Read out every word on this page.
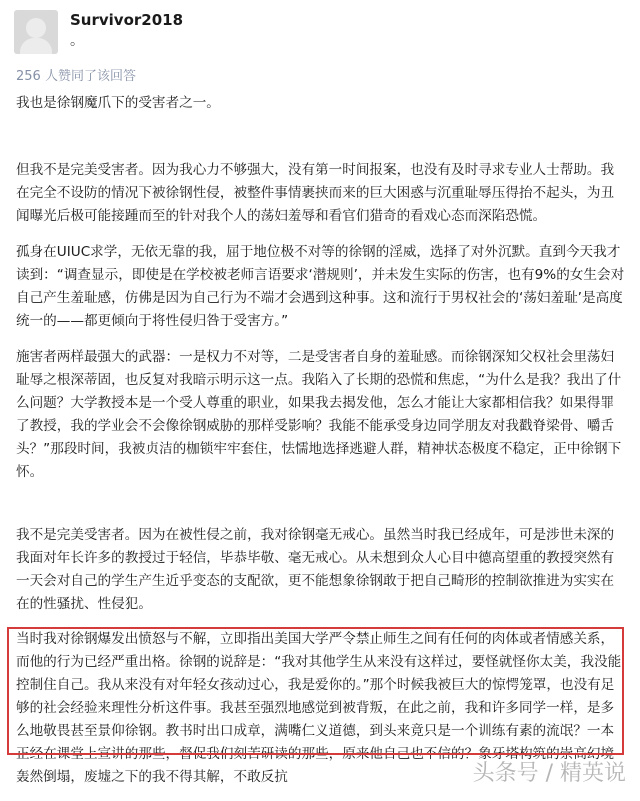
Survivor2018
。
256 人赞同了该回答

我也是徐钢魔爪下的受害者之一。

但我不是完美受害者。因为我心力不够强大，没有第一时间报案，也没有及时寻求专业人士帮助。我在完全不设防的情况下被徐钢性侵，被整件事情裹挟而来的巨大困惑与沉重耻辱压得抬不起头，为丑闻曝光后极可能接踵而至的针对我个人的荡妇羞辱和看官们猎奇的看戏心态而深陷恐慌。

孤身在UIUC求学，无依无靠的我，屈于地位极不对等的徐钢的淫威，选择了对外沉默。直到今天我才读到：“调查显示，即使是在学校被老师言语要求‘潜规则’，并未发生实际的伤害，也有9%的女生会对自己产生羞耻感，仿佛是因为自己行为不端才会遇到这种事。这和流行于男权社会的‘荡妇羞耻’是高度统一的——都更倾向于将性侵归咎于受害方。”

施害者两样最强大的武器：一是权力不对等，二是受害者自身的羞耻感。而徐钢深知父权社会里荡妇耻辱之根深蒂固，也反复对我暗示明示这一点。我陷入了长期的恐慌和焦虑，“为什么是我？我出了什么问题？大学教授本是一个受人尊重的职业，如果我去揭发他，怎么才能让大家都相信我？如果得罪了教授，我的学业会不会像徐钢威胁的那样受影响？我能不能承受身边同学朋友对我戳脊梁骨、嚼舌头？”那段时间，我被贞洁的枷锁牢牢套住，怯懦地选择逃避人群，精神状态极度不稳定，正中徐钢下怀。

我不是完美受害者。因为在被性侵之前，我对徐钢毫无戒心。虽然当时我已经成年，可是涉世未深的我面对年长许多的教授过于轻信，毕恭毕敬、毫无戒心。从未想到众人心目中德高望重的教授突然有一天会对自己的学生产生近乎变态的支配欲，更不能想象徐钢敢于把自己畸形的控制欲推进为实实在在的性骚扰、性侵犯。

当时我对徐钢爆发出愤怒与不解，立即指出美国大学严令禁止师生之间有任何的肉体或者情感关系，而他的行为已经严重出格。徐钢的说辞是：“我对其他学生从来没有这样过，要怪就怪你太美，我没能控制住自己。我从来没有对年轻女孩动过心，我是爱你的。”那个时候我被巨大的惊愕笼罩，也没有足够的社会经验来理性分析这件事。我甚至强烈地感觉到被背叛，在此之前，我和许多同学一样，是多么地敬畏甚至景仰徐钢。教书时出口成章，满嘴仁义道德，到头来竟只是一个训练有素的流氓？一本正经在课堂上宣讲的那些，督促我们刻苦研读的那些，原来他自己也不信的？象牙塔构筑的崇高幻境轰然倒塌，废墟之下的我不得其解，不敢反抗	头条号 / 精英说
